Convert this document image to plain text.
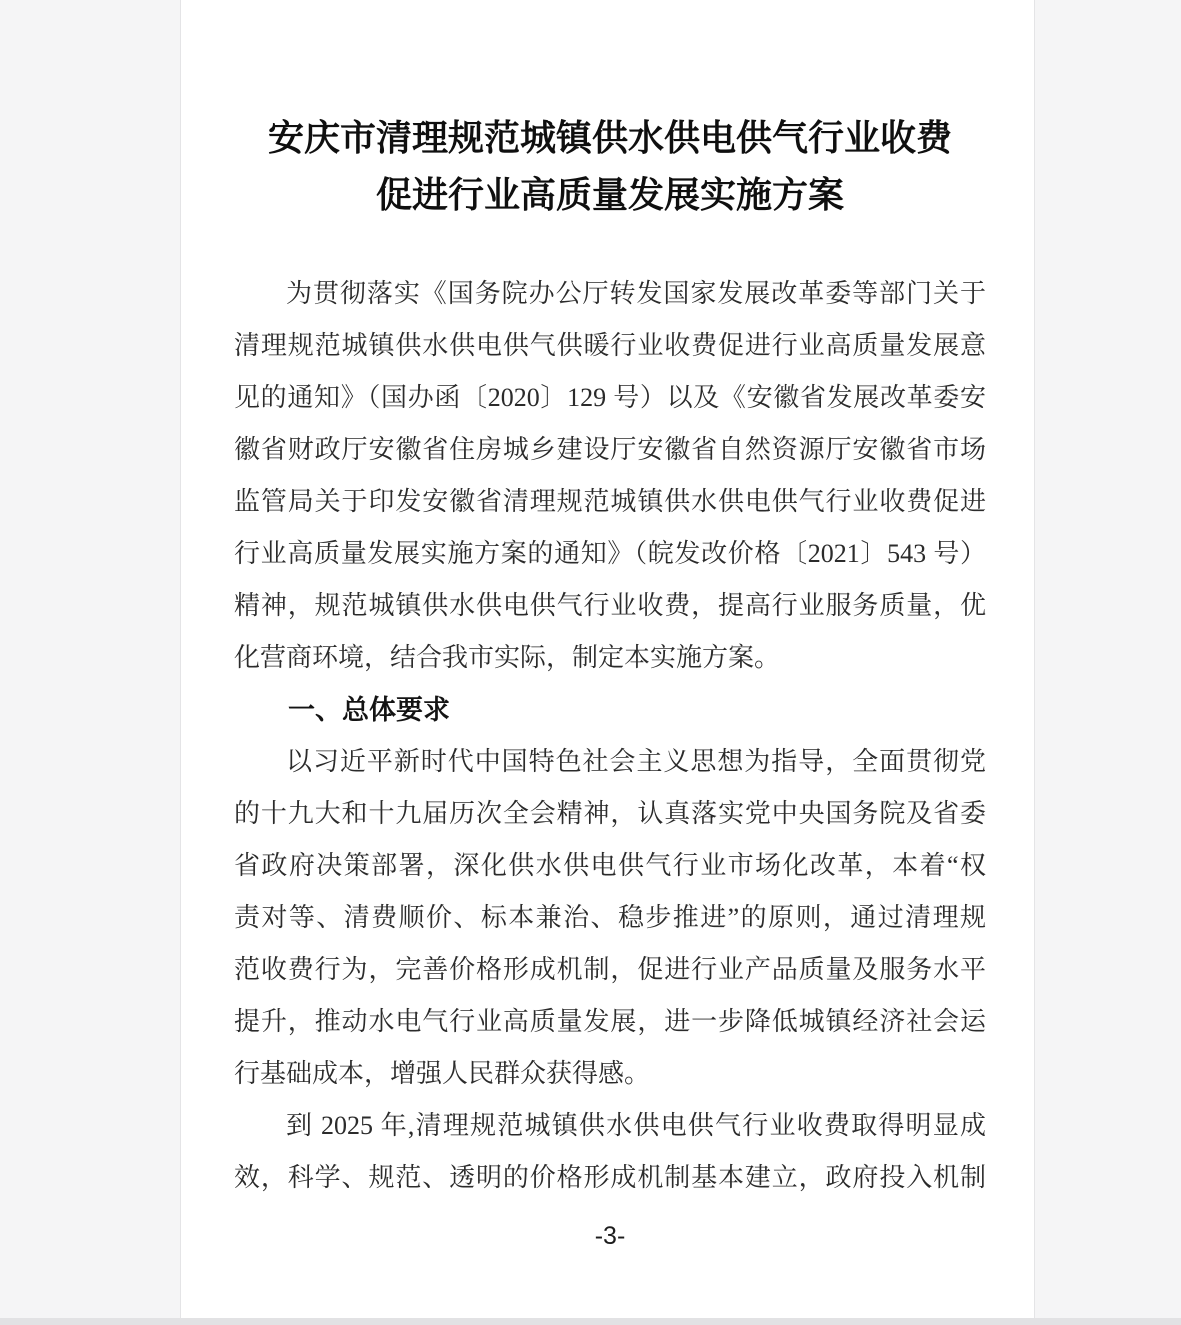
安庆市清理规范城镇供水供电供气行业收费
促进行业高质量发展实施方案
为贯彻落实《国务院办公厅转发国家发展改革委等部门关于
清理规范城镇供水供电供气供暖行业收费促进行业高质量发展意
见的通知》（国办函〔2020〕129 号）以及《安徽省发展改革委安
徽省财政厅安徽省住房城乡建设厅安徽省自然资源厅安徽省市场
监管局关于印发安徽省清理规范城镇供水供电供气行业收费促进
行业高质量发展实施方案的通知》（皖发改价格〔2021〕543 号）
精神，规范城镇供水供电供气行业收费，提高行业服务质量，优
化营商环境，结合我市实际，制定本实施方案。
一、总体要求
以习近平新时代中国特色社会主义思想为指导，全面贯彻党
的十九大和十九届历次全会精神，认真落实党中央国务院及省委
省政府决策部署，深化供水供电供气行业市场化改革，本着“权
责对等、清费顺价、标本兼治、稳步推进”的原则，通过清理规
范收费行为，完善价格形成机制，促进行业产品质量及服务水平
提升，推动水电气行业高质量发展，进一步降低城镇经济社会运
行基础成本，增强人民群众获得感。
到 2025 年,清理规范城镇供水供电供气行业收费取得明显成
效，科学、规范、透明的价格形成机制基本建立，政府投入机制
-3-
